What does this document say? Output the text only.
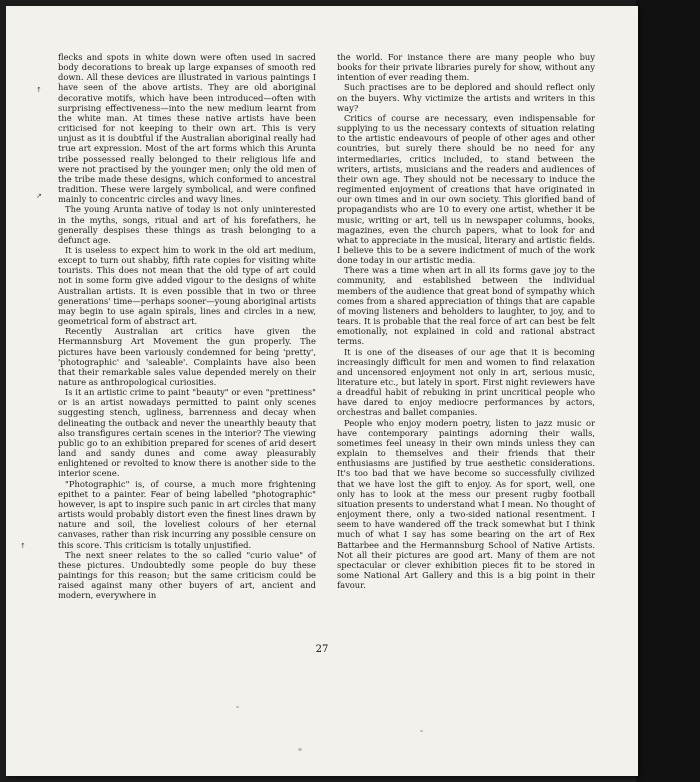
↑
↗
↑

flecks and spots in white down were often used in sacred body decorations to break up large expanses of smooth red down. All these devices are illustrated in various paintings I have seen of the above artists. They are old aboriginal decorative motifs, which have been introduced—often with surprising effectiveness—into the new medium learnt from the white man. At times these native artists have been criticised for not keeping to their own art. This is very unjust as it is doubtful if the Australian aboriginal really had true art expression. Most of the art forms which this Arunta tribe possessed really belonged to their religious life and were not practised by the younger men; only the old men of the tribe made these designs, which conformed to ancestral tradition. These were largely symbolical, and were confined mainly to concentric circles and wavy lines.

The young Arunta native of today is not only uninterested in the myths, songs, ritual and art of his forefathers, he generally despises these things as trash belonging to a defunct age.

It is useless to expect him to work in the old art medium, except to turn out shabby, fifth rate copies for visiting white tourists. This does not mean that the old type of art could not in some form give added vigour to the designs of white Australian artists. It is even possible that in two or three generations' time—perhaps sooner—young aboriginal artists may begin to use again spirals, lines and circles in a new, geometrical form of abstract art.

Recently Australian art critics have given the Hermannsburg Art Movement the gun properly. The pictures have been variously condemned for being 'pretty', 'photographic' and 'saleable'. Complaints have also been that their remarkable sales value depended merely on their nature as anthropological curiosities.

Is it an artistic crime to paint "beauty" or even "prettiness" or is an artist nowadays permitted to paint only scenes suggesting stench, ugliness, barrenness and decay when delineating the outback and never the unearthly beauty that also transfigures certain scenes in the interior? The viewing public go to an exhibition prepared for scenes of arid desert land and sandy dunes and come away pleasurably enlightened or revolted to know there is another side to the interior scene.

"Photographic" is, of course, a much more frightening epithet to a painter. Fear of being labelled "photographic" however, is apt to inspire such panic in art circles that many artists would probably distort even the finest lines drawn by nature and soil, the loveliest colours of her eternal canvases, rather than risk incurring any possible censure on this score. This criticism is totally unjustified.

The next sneer relates to the so called "curio value" of these pictures. Undoubtedly some people do buy these paintings for this reason; but the same criticism could be raised against many other buyers of art, ancient and modern, everywhere in

the world. For instance there are many people who buy books for their private libraries purely for show, without any intention of ever reading them.

Such practises are to be deplored and should reflect only on the buyers. Why victimize the artists and writers in this way?

Critics of course are necessary, even indispensable for supplying to us the necessary contexts of situation relating to the artistic endeavours of people of other ages and other countries, but surely there should be no need for any intermediaries, critics included, to stand between the writers, artists, musicians and the readers and audiences of their own age. They should not be necessary to induce the regimented enjoyment of creations that have originated in our own times and in our own society. This glorified band of propagandists who are 10 to every one artist, whether it be music, writing or art, tell us in newspaper columns, books, magazines, even the church papers, what to look for and what to appreciate in the musical, literary and artistic fields. I believe this to be a severe indictment of much of the work done today in our artistic media.

There was a time when art in all its forms gave joy to the community, and established between the individual members of the audience that great bond of sympathy which comes from a shared appreciation of things that are capable of moving listeners and beholders to laughter, to joy, and to tears. It is probable that the real force of art can best be felt emotionally, not explained in cold and rational abstract terms.

It is one of the diseases of our age that it is becoming increasingly difficult for men and women to find relaxation and uncensored enjoyment not only in art, serious music, literature etc., but lately in sport. First night reviewers have a dreadful habit of rebuking in print uncritical people who have dared to enjoy mediocre performances by actors, orchestras and ballet companies.

People who enjoy modern poetry, listen to jazz music or have contemporary paintings adorning their walls, sometimes feel uneasy in their own minds unless they can explain to themselves and their friends that their enthusiasms are justified by true aesthetic considerations. It's too bad that we have become so successfully civilized that we have lost the gift to enjoy. As for sport, well, one only has to look at the mess our present rugby football situation presents to understand what I mean. No thought of enjoyment there, only a two-sided national resentment. I seem to have wandered off the track somewhat but I think much of what I say has some bearing on the art of Rex Battarbee and the Hermannsburg School of Native Artists. Not all their pictures are good art. Many of them are not spectacular or clever exhibition pieces fit to be stored in some National Art Gallery and this is a big point in their favour.

27
